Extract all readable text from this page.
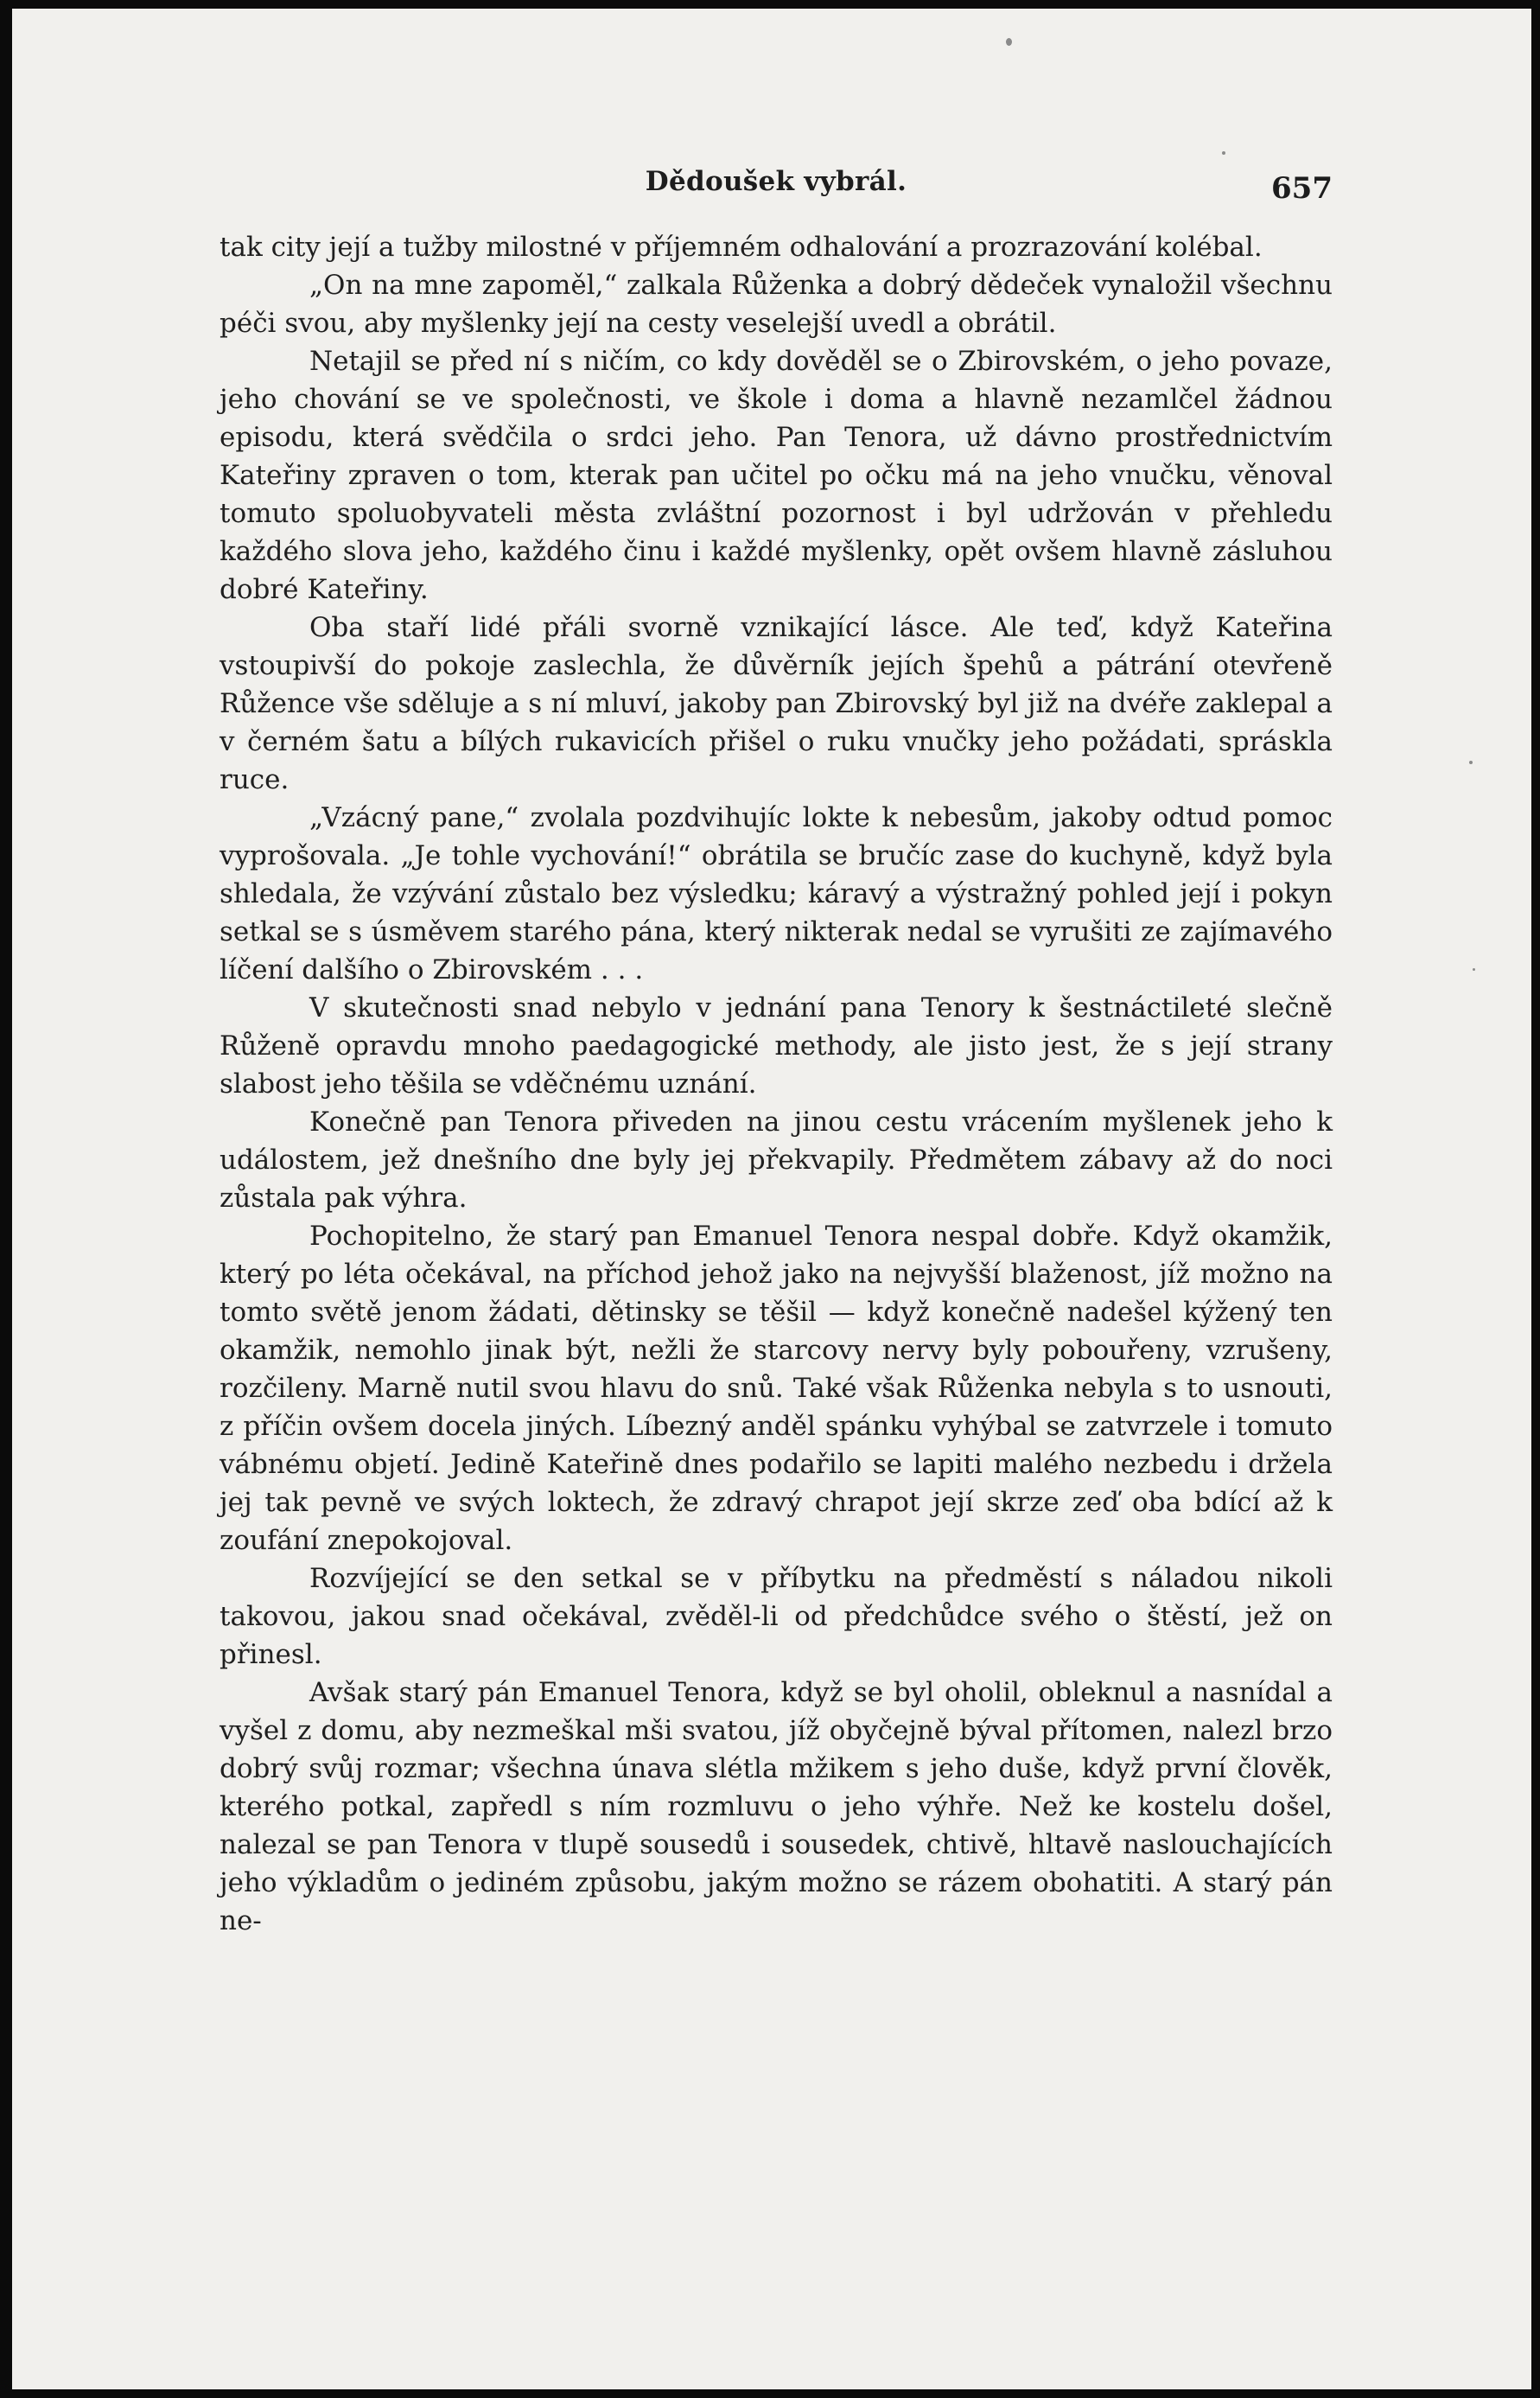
Dědoušek vybrál.	657

tak city její a tužby milostné v příjemném odhalování a prozrazování kolébal.

„On na mne zapoměl,“ zalkala Růženka a dobrý dědeček vynaložil všechnu péči svou, aby myšlenky její na cesty veselejší uvedl a obrátil.

Netajil se před ní s ničím, co kdy dověděl se o Zbirovském, o jeho povaze, jeho chování se ve společnosti, ve škole i doma a hlavně nezamlčel žádnou episodu, která svědčila o srdci jeho. Pan Tenora, už dávno prostřednictvím Kateřiny zpraven o tom, kterak pan učitel po očku má na jeho vnučku, věnoval tomuto spoluobyvateli města zvláštní pozornost i byl udržován v přehledu každého slova jeho, každého činu i každé myšlenky, opět ovšem hlavně zásluhou dobré Kateřiny.

Oba staří lidé přáli svorně vznikající lásce. Ale teď, když Kateřina vstoupivší do pokoje zaslechla, že důvěrník jejích špehů a pátrání otevřeně Růžence vše sděluje a s ní mluví, jakoby pan Zbirovský byl již na dvéře zaklepal a v černém šatu a bílých rukavicích přišel o ruku vnučky jeho požádati, spráskla ruce.

„Vzácný pane,“ zvolala pozdvihujíc lokte k nebesům, jakoby odtud pomoc vyprošovala. „Je tohle vychování!“ obrátila se bručíc zase do kuchyně, když byla shledala, že vzývání zůstalo bez výsledku; káravý a výstražný pohled její i pokyn setkal se s úsměvem starého pána, který nikterak nedal se vyrušiti ze zajímavého líčení dalšího o Zbirovském . . .

V skutečnosti snad nebylo v jednání pana Tenory k šestnáctileté slečně Růženě opravdu mnoho paedagogické methody, ale jisto jest, že s její strany slabost jeho těšila se vděčnému uznání.

Konečně pan Tenora přiveden na jinou cestu vrácením myšlenek jeho k událostem, jež dnešního dne byly jej překvapily. Předmětem zábavy až do noci zůstala pak výhra.

Pochopitelno, že starý pan Emanuel Tenora nespal dobře. Když okamžik, který po léta očekával, na příchod jehož jako na nejvyšší blaženost, jíž možno na tomto světě jenom žádati, dětinsky se těšil — když konečně nadešel kýžený ten okamžik, nemohlo jinak být, nežli že starcovy nervy byly pobouřeny, vzrušeny, rozčileny. Marně nutil svou hlavu do snů. Také však Růženka nebyla s to usnouti, z příčin ovšem docela jiných. Líbezný anděl spánku vyhýbal se zatvrzele i tomuto vábnému objetí. Jedině Kateřině dnes podařilo se lapiti malého nezbedu i držela jej tak pevně ve svých loktech, že zdravý chrapot její skrze zeď oba bdící až k zoufání znepokojoval.

Rozvíjející se den setkal se v příbytku na předměstí s náladou nikoli takovou, jakou snad očekával, zvěděl-li od předchůdce svého o štěstí, jež on přinesl.

Avšak starý pán Emanuel Tenora, když se byl oholil, obleknul a nasnídal a vyšel z domu, aby nezmeškal mši svatou, jíž obyčejně býval přítomen, nalezl brzo dobrý svůj rozmar; všechna únava slétla mžikem s jeho duše, když první člověk, kterého potkal, zapředl s ním rozmluvu o jeho výhře. Než ke kostelu došel, nalezal se pan Tenora v tlupě sousedů i sousedek, chtivě, hltavě naslouchajících jeho výkladům o jediném způsobu, jakým možno se rázem obohatiti. A starý pán ne-
